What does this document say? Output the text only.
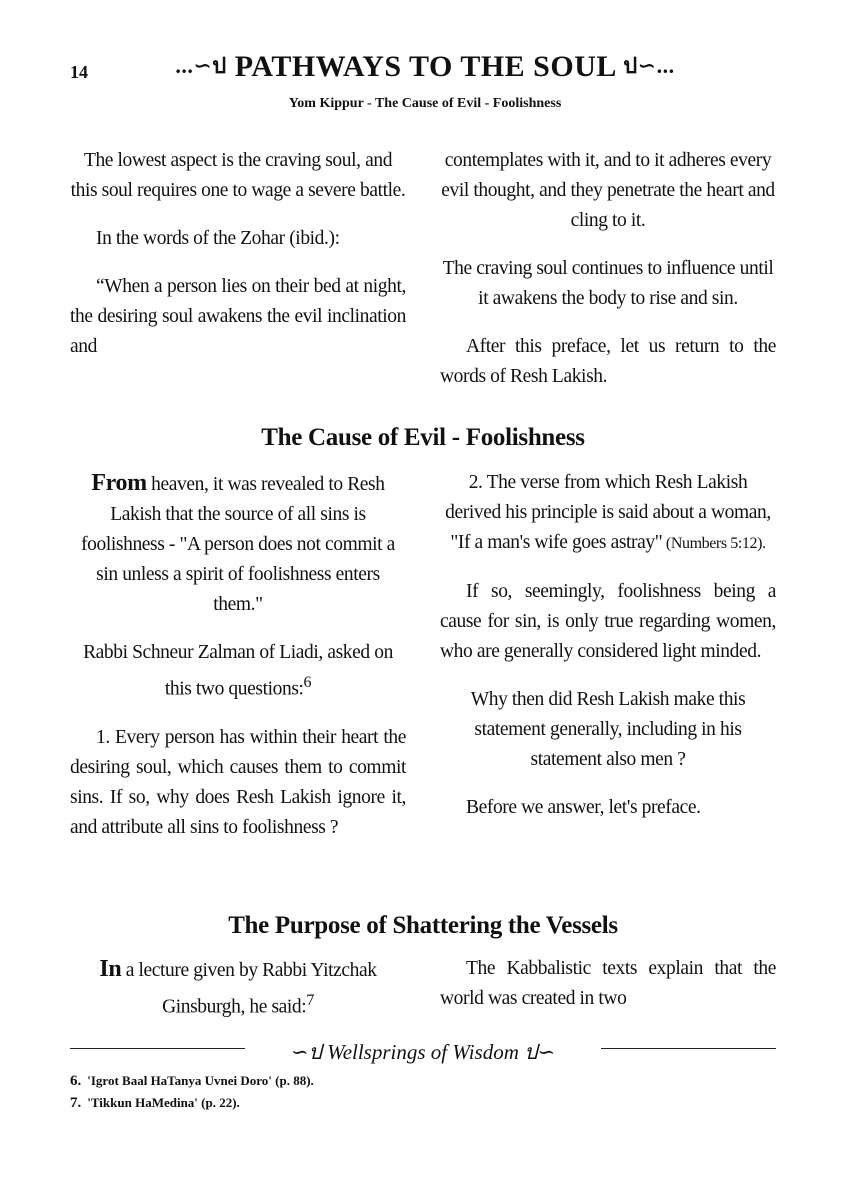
14	...∽ป PATHWAYS TO THE SOUL ป∽...
Yom Kippur - The Cause of Evil - Foolishness

The lowest aspect is the craving soul, and this soul requires one to wage a severe battle.

In the words of the Zohar (ibid.):

“When a person lies on their bed at night, the desiring soul awakens the evil inclination and

contemplates with it, and to it adheres every evil thought, and they penetrate the heart and cling to it.

The craving soul continues to influence until it awakens the body to rise and sin.

After this preface, let us return to the words of Resh Lakish.

The Cause of Evil - Foolishness

From heaven, it was revealed to Resh Lakish that the source of all sins is foolishness - "A person does not commit a sin unless a spirit of foolishness enters them."

Rabbi Schneur Zalman of Liadi, asked on this two questions:$^6$

1. Every person has within their heart the desiring soul, which causes them to commit sins. If so, why does Resh Lakish ignore it, and attribute all sins to foolishness ?

2. The verse from which Resh Lakish derived his principle is said about a woman, "If a man's wife goes astray" (Numbers 5:12).

If so, seemingly, foolishness being a cause for sin, is only true regarding women, who are generally considered light minded.

Why then did Resh Lakish make this statement generally, including in his statement also men ?

Before we answer, let's preface.

The Purpose of Shattering the Vessels

In a lecture given by Rabbi Yitzchak Ginsburgh, he said:$^7$

The Kabbalistic texts explain that the world was created in two

∽ป Wellsprings of Wisdom ป∽
6. 'Igrot Baal HaTanya Uvnei Doro' (p. 88).
7. 'Tikkun HaMedina' (p. 22).
